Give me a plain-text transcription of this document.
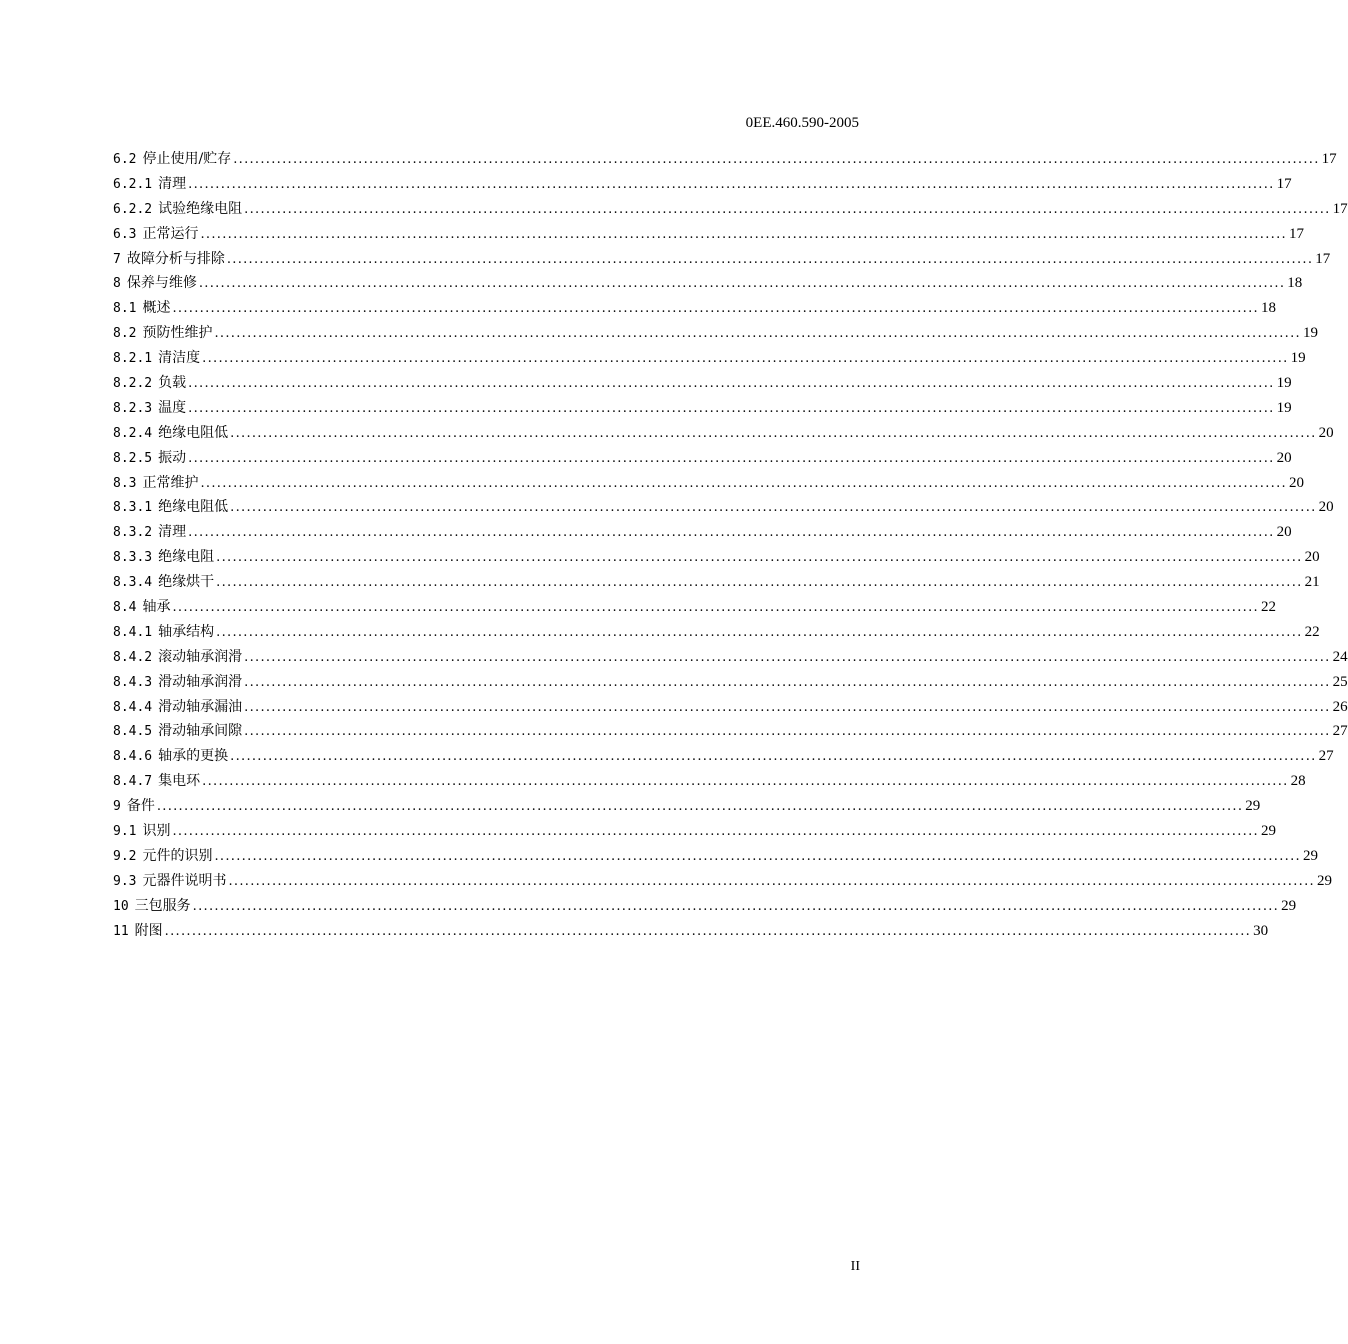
0EE.460.590-2005
6.2 停止使用/贮存 ........................................................................................................................................................................................................ 17
6.2.1 清理 ........................................................................................................................................................................................................ 17
6.2.2 试验绝缘电阻 ........................................................................................................................................................................................................ 17
6.3 正常运行 ........................................................................................................................................................................................................ 17
7 故障分析与排除 ........................................................................................................................................................................................................ 17
8 保养与维修 ........................................................................................................................................................................................................ 18
8.1 概述 ........................................................................................................................................................................................................ 18
8.2 预防性维护 ........................................................................................................................................................................................................ 19
8.2.1 清洁度 ........................................................................................................................................................................................................ 19
8.2.2 负载 ........................................................................................................................................................................................................ 19
8.2.3 温度 ........................................................................................................................................................................................................ 19
8.2.4 绝缘电阻低 ........................................................................................................................................................................................................ 20
8.2.5 振动 ........................................................................................................................................................................................................ 20
8.3 正常维护 ........................................................................................................................................................................................................ 20
8.3.1 绝缘电阻低 ........................................................................................................................................................................................................ 20
8.3.2 清理 ........................................................................................................................................................................................................ 20
8.3.3 绝缘电阻 ........................................................................................................................................................................................................ 20
8.3.4 绝缘烘干 ........................................................................................................................................................................................................ 21
8.4 轴承 ........................................................................................................................................................................................................ 22
8.4.1 轴承结构 ........................................................................................................................................................................................................ 22
8.4.2 滚动轴承润滑 ........................................................................................................................................................................................................ 24
8.4.3 滑动轴承润滑 ........................................................................................................................................................................................................ 25
8.4.4 滑动轴承漏油 ........................................................................................................................................................................................................ 26
8.4.5 滑动轴承间隙 ........................................................................................................................................................................................................ 27
8.4.6 轴承的更换 ........................................................................................................................................................................................................ 27
8.4.7 集电环 ........................................................................................................................................................................................................ 28
9 备件 ........................................................................................................................................................................................................ 29
9.1 识别 ........................................................................................................................................................................................................ 29
9.2 元件的识别 ........................................................................................................................................................................................................ 29
9.3 元器件说明书 ........................................................................................................................................................................................................ 29
10 三包服务 ........................................................................................................................................................................................................ 29
11 附图 ........................................................................................................................................................................................................ 30
II
